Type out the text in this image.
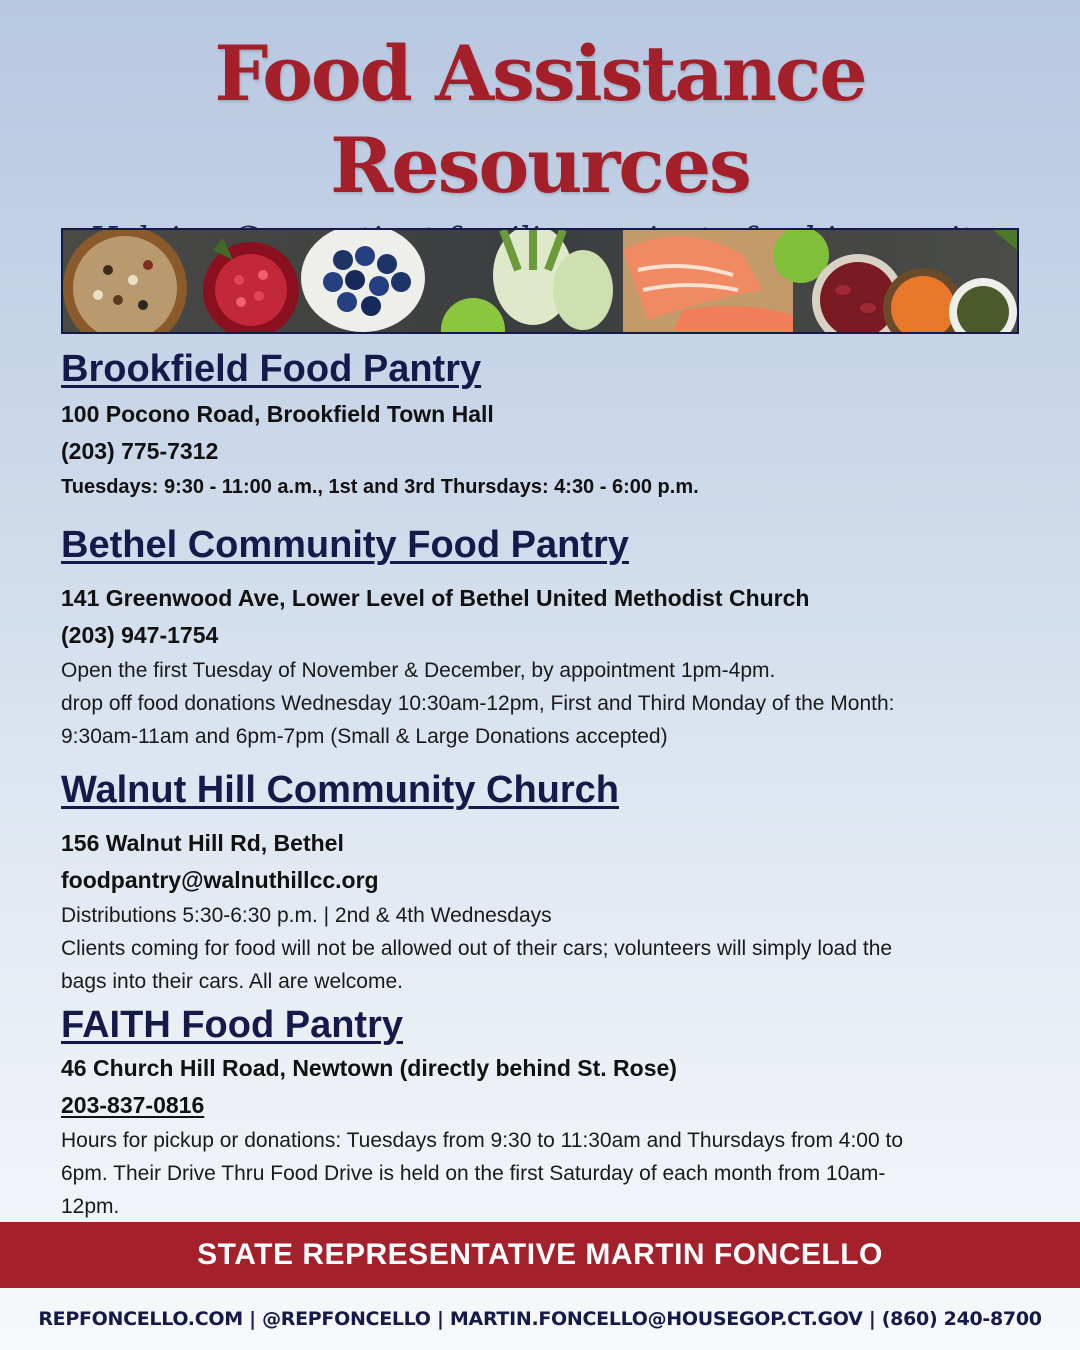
Food Assistance Resources
Brookfield Food Pantry
100 Pocono Road, Brookfield Town Hall
(203) 775-7312
Tuesdays: 9:30 - 11:00 a.m., 1st and 3rd Thursdays: 4:30 - 6:00 p.m.
Bethel Community Food Pantry
141 Greenwood Ave, Lower Level of Bethel United Methodist Church
(203) 947-1754
Open the first Tuesday of November & December, by appointment 1pm-4pm.
drop off food donations Wednesday 10:30am-12pm, First and Third Monday of the Month:
9:30am-11am and 6pm-7pm (Small & Large Donations accepted)
Walnut Hill Community Church
156 Walnut Hill Rd, Bethel
foodpantry@walnuthillcc.org
Distributions 5:30-6:30 p.m. | 2nd & 4th Wednesdays
Clients coming for food will not be allowed out of their cars; volunteers will simply load the
bags into their cars. All are welcome.
FAITH Food Pantry
46 Church Hill Road, Newtown (directly behind St. Rose)
203-837-0816
Hours for pickup or donations: Tuesdays from 9:30 to 11:30am and Thursdays from 4:00 to
6pm. Their Drive Thru Food Drive is held on the first Saturday of each month from 10am-
12pm.
STATE REPRESENTATIVE MARTIN FONCELLO
REPFONCELLO.COM | @REPFONCELLO | MARTIN.FONCELLO@HOUSEGOP.CT.GOV | (860) 240-8700
